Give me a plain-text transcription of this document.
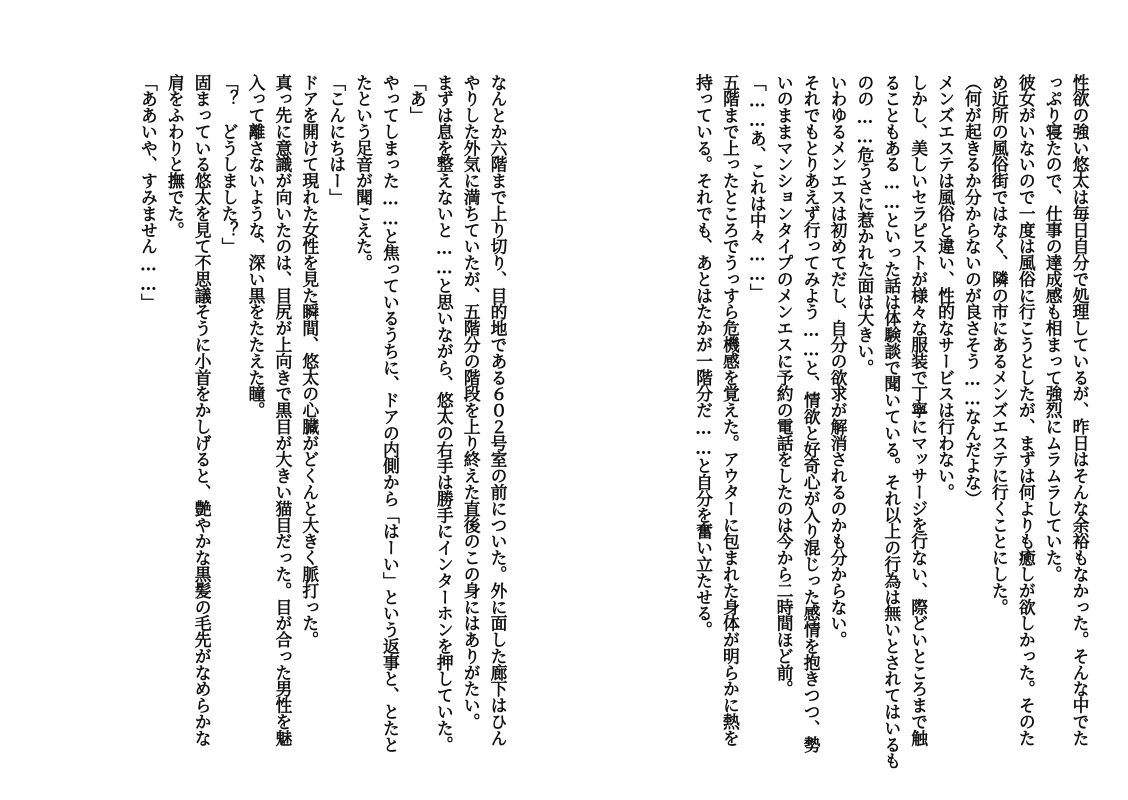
性欲の強い悠太は毎日自分で処理しているが、昨日はそんな余裕もなかった。そんな中でた

っぷり寝たので、仕事の達成感も相まって強烈にムラムラしていた。

彼女がいないので一度は風俗に行こうとしたが、まずは何よりも癒しが欲しかった。そのた

め近所の風俗街ではなく、隣の市にあるメンズエステに行くことにした。

（何が起きるか分からないのが良さそう……なんだよな）

メンズエステは風俗と違い、性的なサービスは行わない。

しかし、美しいセラピストが様々な服装で丁寧にマッサージを行ない、際どいところまで触

ることもある……といった話は体験談で聞いている。それ以上の行為は無いとされてはいるも

のの……危うさに惹かれた面は大きい。

いわゆるメンエスは初めてだし、自分の欲求が解消されるのかも分からない。

それでもとりあえず行ってみよう……と、情欲と好奇心が入り混じった感情を抱きつつ、勢

いのままマンションタイプのメンエスに予約の電話をしたのは今から二時間ほど前。

「……あ、これは中々……」

五階まで上ったところでうっすら危機感を覚えた。アウターに包まれた身体が明らかに熱を

持っている。それでも、あとはたかが一階分だ……と自分を奮い立たせる。

なんとか六階まで上り切り、目的地である６０２号室の前についた。外に面した廊下はひん

やりした外気に満ちていたが、五階分の階段を上り終えた直後のこの身にはありがたい。

まずは息を整えないと……と思いながら、悠太の右手は勝手にインターホンを押していた。

「あ」

やってしまった……と焦っているうちに、ドアの内側から「はーい」という返事と、とたと

たという足音が聞こえた。

「こんにちはー」

ドアを開けて現れた女性を見た瞬間、悠太の心臓がどくんと大きく脈打った。

真っ先に意識が向いたのは、目尻が上向きで黒目が大きい猫目だった。目が合った男性を魅

入って離さないような、深い黒をたたえた瞳。

「？　どうしました？」

固まっている悠太を見て不思議そうに小首をかしげると、艶やかな黒髪の毛先がなめらかな

肩をふわりと撫でた。

「ああいや、すみません……」
